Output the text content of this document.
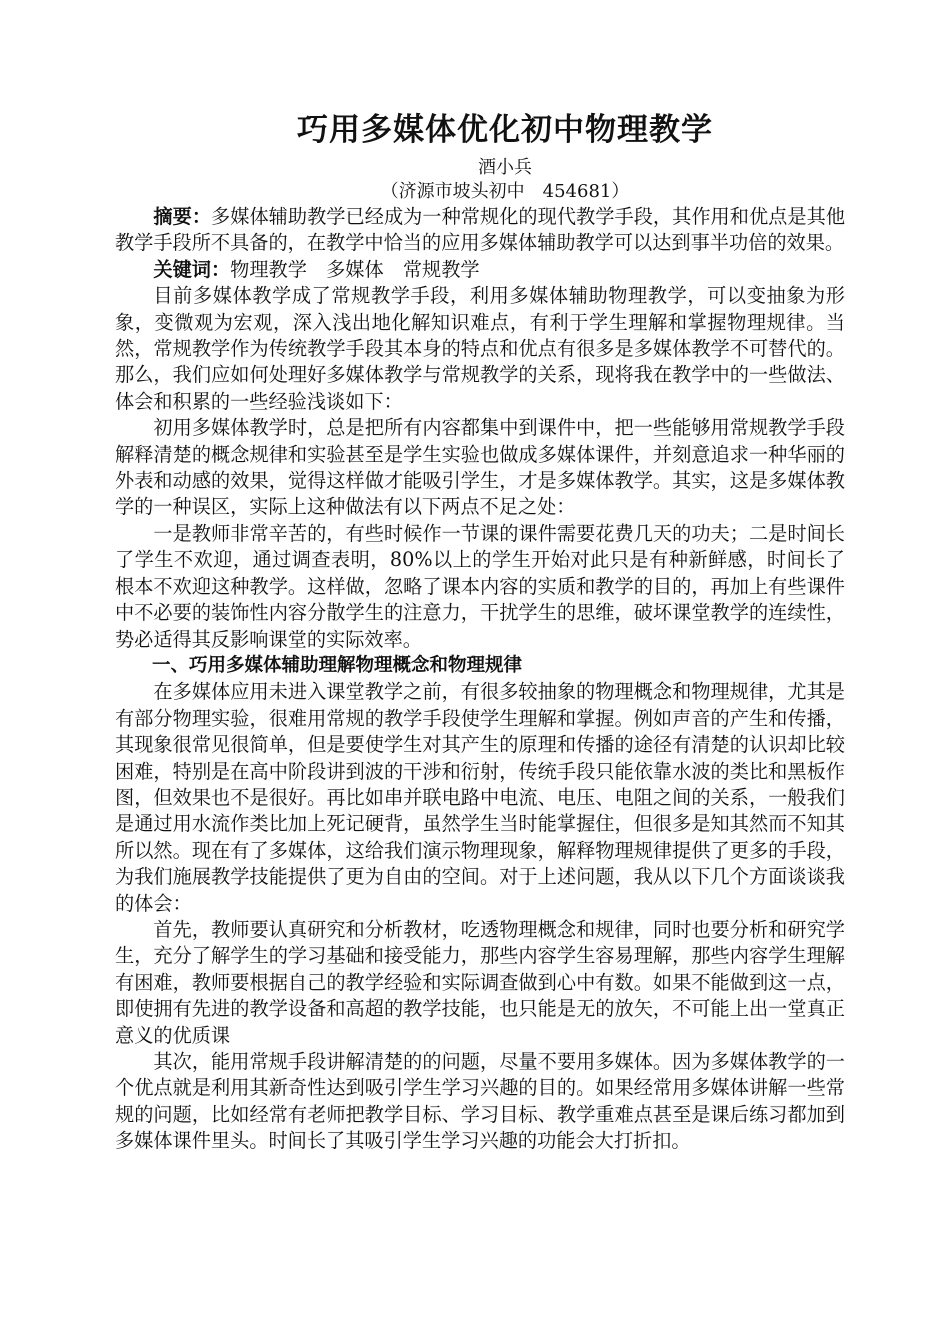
巧用多媒体优化初中物理教学
酒小兵
（济源市坡头初中　454681）

摘要：多媒体辅助教学已经成为一种常规化的现代教学手段，其作用和优点是其他教学手段所不具备的，在教学中恰当的应用多媒体辅助教学可以达到事半功倍的效果。

关键词：物理教学　多媒体　常规教学

目前多媒体教学成了常规教学手段，利用多媒体辅助物理教学，可以变抽象为形象，变微观为宏观，深入浅出地化解知识难点，有利于学生理解和掌握物理规律。当然，常规教学作为传统教学手段其本身的特点和优点有很多是多媒体教学不可替代的。那么，我们应如何处理好多媒体教学与常规教学的关系，现将我在教学中的一些做法、体会和积累的一些经验浅谈如下：

初用多媒体教学时，总是把所有内容都集中到课件中，把一些能够用常规教学手段解释清楚的概念规律和实验甚至是学生实验也做成多媒体课件，并刻意追求一种华丽的外表和动感的效果，觉得这样做才能吸引学生，才是多媒体教学。其实，这是多媒体教学的一种误区，实际上这种做法有以下两点不足之处：

一是教师非常辛苦的，有些时候作一节课的课件需要花费几天的功夫；二是时间长了学生不欢迎，通过调查表明，80%以上的学生开始对此只是有种新鲜感，时间长了根本不欢迎这种教学。这样做，忽略了课本内容的实质和教学的目的，再加上有些课件中不必要的装饰性内容分散学生的注意力，干扰学生的思维，破坏课堂教学的连续性，势必适得其反影响课堂的实际效率。

一、巧用多媒体辅助理解物理概念和物理规律

在多媒体应用未进入课堂教学之前，有很多较抽象的物理概念和物理规律，尤其是有部分物理实验，很难用常规的教学手段使学生理解和掌握。例如声音的产生和传播，其现象很常见很简单，但是要使学生对其产生的原理和传播的途径有清楚的认识却比较困难，特别是在高中阶段讲到波的干涉和衍射，传统手段只能依靠水波的类比和黑板作图，但效果也不是很好。再比如串并联电路中电流、电压、电阻之间的关系，一般我们是通过用水流作类比加上死记硬背，虽然学生当时能掌握住，但很多是知其然而不知其所以然。现在有了多媒体，这给我们演示物理现象，解释物理规律提供了更多的手段，为我们施展教学技能提供了更为自由的空间。对于上述问题，我从以下几个方面谈谈我的体会：

首先，教师要认真研究和分析教材，吃透物理概念和规律，同时也要分析和研究学生，充分了解学生的学习基础和接受能力，那些内容学生容易理解，那些内容学生理解有困难，教师要根据自己的教学经验和实际调查做到心中有数。如果不能做到这一点，即使拥有先进的教学设备和高超的教学技能，也只能是无的放矢，不可能上出一堂真正意义的优质课

其次，能用常规手段讲解清楚的的问题，尽量不要用多媒体。因为多媒体教学的一个优点就是利用其新奇性达到吸引学生学习兴趣的目的。如果经常用多媒体讲解一些常规的问题，比如经常有老师把教学目标、学习目标、教学重难点甚至是课后练习都加到多媒体课件里头。时间长了其吸引学生学习兴趣的功能会大打折扣。
